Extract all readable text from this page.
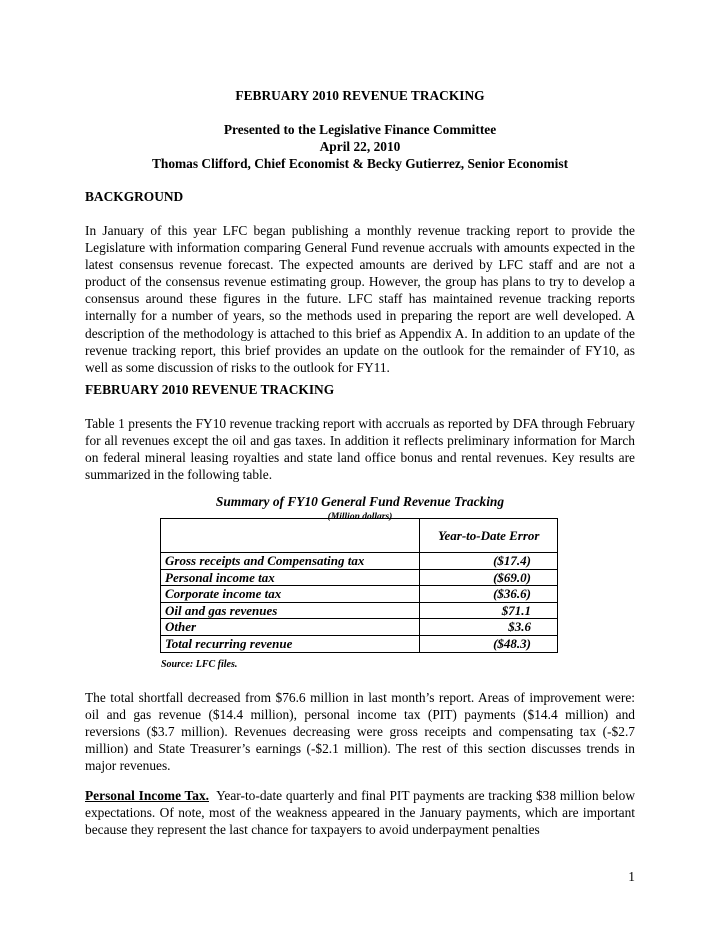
FEBRUARY 2010 REVENUE TRACKING
Presented to the Legislative Finance Committee
April 22, 2010
Thomas Clifford, Chief Economist & Becky Gutierrez, Senior Economist
BACKGROUND

In January of this year LFC began publishing a monthly revenue tracking report to provide the Legislature with information comparing General Fund revenue accruals with amounts expected in the latest consensus revenue forecast. The expected amounts are derived by LFC staff and are not a product of the consensus revenue estimating group. However, the group has plans to try to develop a consensus around these figures in the future. LFC staff has maintained revenue tracking reports internally for a number of years, so the methods used in preparing the report are well developed. A description of the methodology is attached to this brief as Appendix A. In addition to an update of the revenue tracking report, this brief provides an update on the outlook for the remainder of FY10, as well as some discussion of risks to the outlook for FY11.

FEBRUARY 2010 REVENUE TRACKING

Table 1 presents the FY10 revenue tracking report with accruals as reported by DFA through February for all revenues except the oil and gas taxes. In addition it reflects preliminary information for March on federal mineral leasing royalties and state land office bonus and rental revenues. Key results are summarized in the following table.

Summary of FY10 General Fund Revenue Tracking
(Million dollars)
	Year-to-Date Error
Gross receipts and Compensating tax	($17.4)
Personal income tax	($69.0)
Corporate income tax	($36.6)
Oil and gas revenues	$71.1
Other	$3.6
Total recurring revenue	($48.3)
Source: LFC files.

The total shortfall decreased from $76.6 million in last month’s report. Areas of improvement were: oil and gas revenue ($14.4 million), personal income tax (PIT) payments ($14.4 million) and reversions ($3.7 million). Revenues decreasing were gross receipts and compensating tax (-$2.7 million) and State Treasurer’s earnings (-$2.1 million). The rest of this section discusses trends in major revenues.

Personal Income Tax. Year-to-date quarterly and final PIT payments are tracking $38 million below expectations. Of note, most of the weakness appeared in the January payments, which are important because they represent the last chance for taxpayers to avoid underpayment penalties

1
